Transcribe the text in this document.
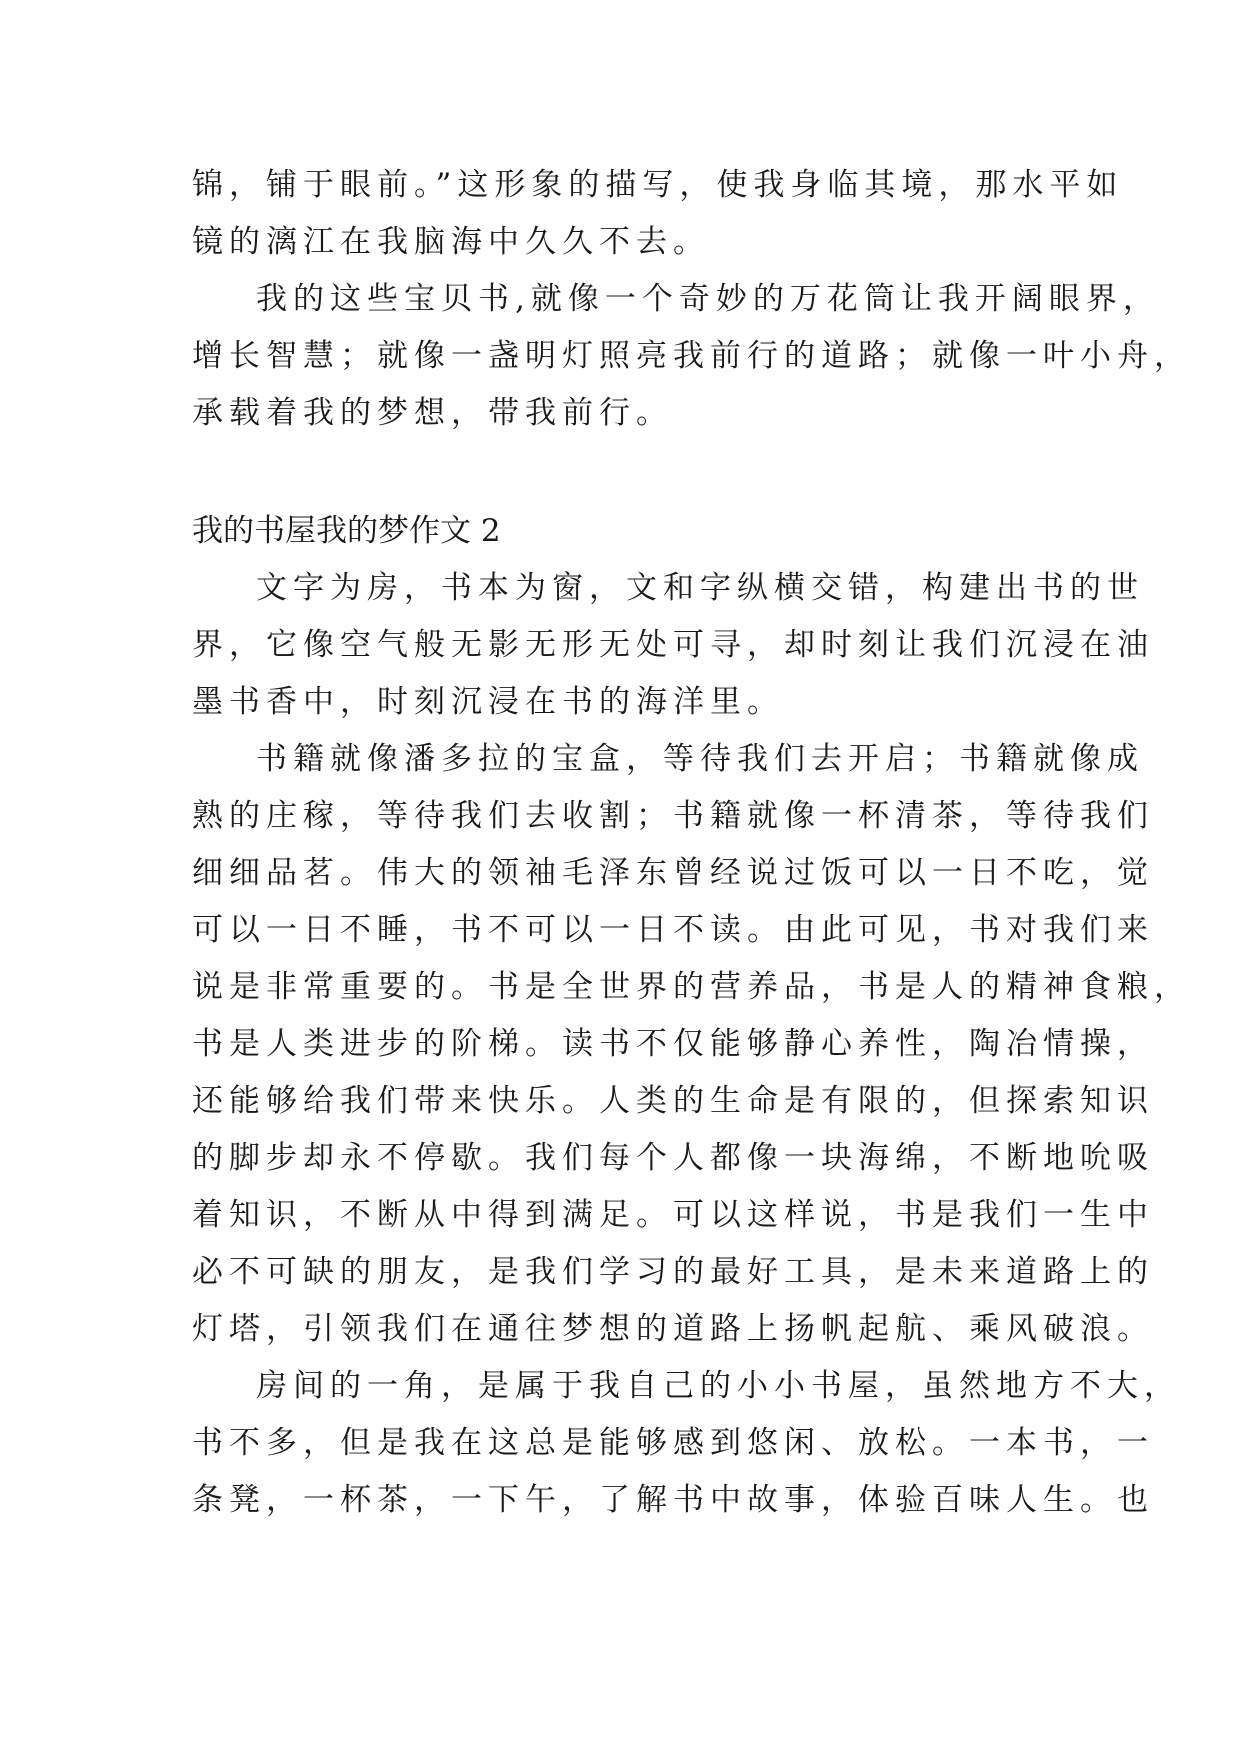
锦，铺于眼前。”这形象的描写，使我身临其境，那水平如
镜的漓江在我脑海中久久不去。
我的这些宝贝书,就像一个奇妙的万花筒让我开阔眼界，
增长智慧；就像一盏明灯照亮我前行的道路；就像一叶小舟，
承载着我的梦想，带我前行。
我的书屋我的梦作文 2
文字为房，书本为窗，文和字纵横交错，构建出书的世
界，它像空气般无影无形无处可寻，却时刻让我们沉浸在油
墨书香中，时刻沉浸在书的海洋里。
书籍就像潘多拉的宝盒，等待我们去开启；书籍就像成
熟的庄稼，等待我们去收割；书籍就像一杯清茶，等待我们
细细品茗。伟大的领袖毛泽东曾经说过饭可以一日不吃，觉
可以一日不睡，书不可以一日不读。由此可见，书对我们来
说是非常重要的。书是全世界的营养品，书是人的精神食粮，
书是人类进步的阶梯。读书不仅能够静心养性，陶冶情操，
还能够给我们带来快乐。人类的生命是有限的，但探索知识
的脚步却永不停歇。我们每个人都像一块海绵，不断地吮吸
着知识，不断从中得到满足。可以这样说，书是我们一生中
必不可缺的朋友，是我们学习的最好工具，是未来道路上的
灯塔，引领我们在通往梦想的道路上扬帆起航、乘风破浪。
房间的一角，是属于我自己的小小书屋，虽然地方不大，
书不多，但是我在这总是能够感到悠闲、放松。一本书，一
条凳，一杯茶，一下午，了解书中故事，体验百味人生。也
